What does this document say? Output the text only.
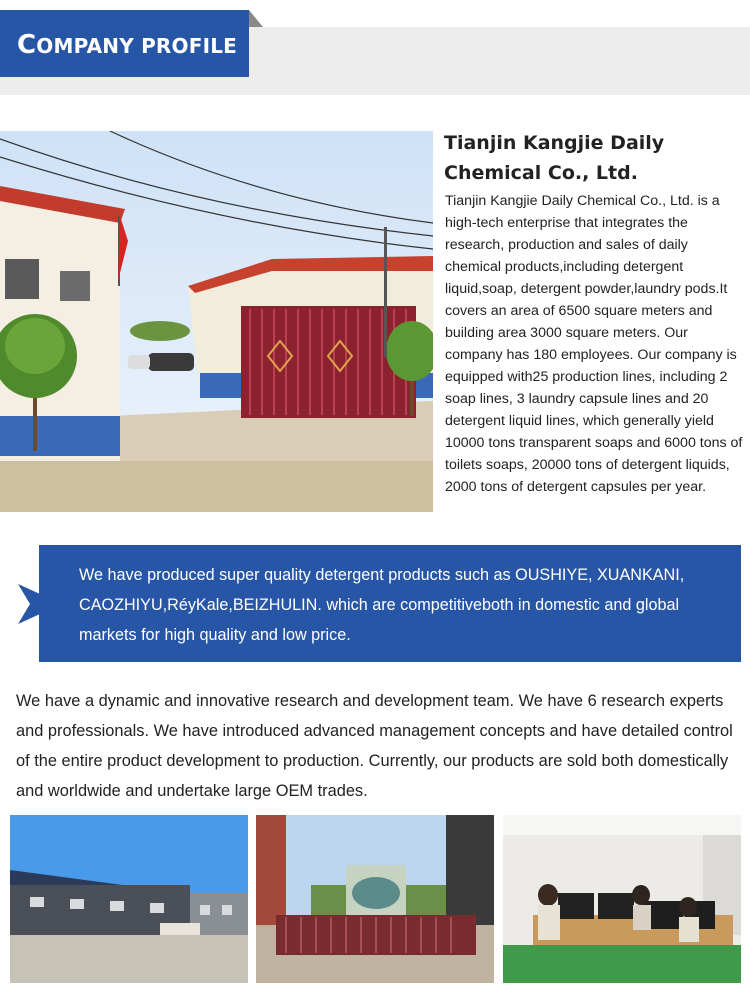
COMPANY PROFILE
Tianjin Kangjie Daily Chemical Co., Ltd.
Tianjin Kangjie Daily Chemical Co., Ltd. is a high-tech enterprise that integrates the research, production and sales of daily chemical products,including detergent liquid,soap, detergent powder,laundry pods.It covers an area of 6500 square meters and building area 3000 square meters. Our company has 180 employees. Our company is equipped with25 production lines, including 2 soap lines, 3 laundry capsule lines and 20 detergent liquid lines, which generally yield 10000 tons transparent soaps and 6000 tons of toilets soaps, 20000 tons of detergent liquids, 2000 tons of detergent capsules per year.
We have produced super quality detergent products such as OUSHIYE, XUANKANI, CAOZHIYU,RéyKale,BEIZHULIN. which are competitiveboth in domestic and global markets for high quality and low price.
We have a dynamic and innovative research and development team. We have 6 research experts and professionals. We have introduced advanced management concepts and have detailed control of the entire product development to production. Currently, our products are sold both domestically and worldwide and undertake large OEM trades.
